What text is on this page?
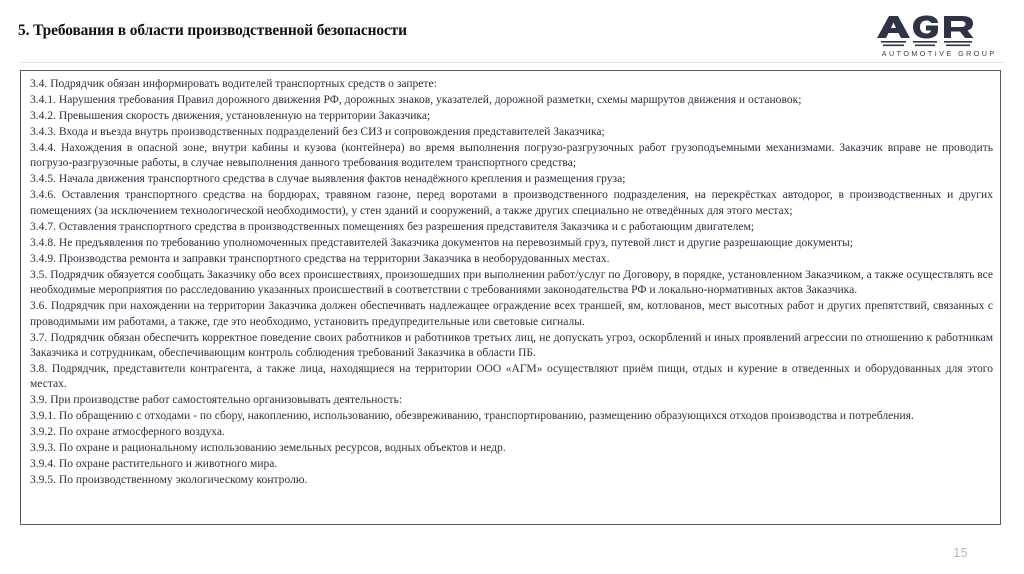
5. Требования в области производственной безопасности
AUTOMOTIVE GROUP

3.4. Подрядчик обязан информировать водителей транспортных средств о запрете:

3.4.1. Нарушения требования Правил дорожного движения РФ, дорожных знаков, указателей, дорожной разметки, схемы маршрутов движения и остановок;

3.4.2. Превышения скорость движения, установленную на территории Заказчика;

3.4.3. Входа и въезда внутрь производственных подразделений без СИЗ и сопровождения представителей Заказчика;

3.4.4. Нахождения в опасной зоне, внутри кабины и кузова (контейнера) во время выполнения погрузо-разгрузочных работ грузоподъемными механизмами. Заказчик вправе не проводить погрузо-разгрузочные работы, в случае невыполнения данного требования водителем транспортного средства;

3.4.5. Начала движения транспортного средства в случае выявления фактов ненадёжного крепления и размещения груза;

3.4.6. Оставления транспортного средства на бордюрах, травяном газоне, перед воротами в производственного подразделения, на перекрёстках автодорог, в производственных и других помещениях (за исключением технологической необходимости), у стен зданий и сооружений, а также других специально не отведённых для этого местах;

3.4.7. Оставления транспортного средства в производственных помещениях без разрешения представителя Заказчика и с работающим двигателем;

3.4.8. Не предъявления по требованию уполномоченных представителей Заказчика документов на перевозимый груз, путевой лист и другие разрешающие документы;

3.4.9. Производства ремонта и заправки транспортного средства на территории Заказчика в необорудованных местах.

3.5. Подрядчик обязуется сообщать Заказчику обо всех происшествиях, произошедших при выполнении работ/услуг по Договору, в порядке, установленном Заказчиком, а также осуществлять все необходимые мероприятия по расследованию указанных происшествий в соответствии с требованиями законодательства РФ и локально-нормативных актов Заказчика.

3.6. Подрядчик при нахождении на территории Заказчика должен обеспечивать надлежащее ограждение всех траншей, ям, котлованов, мест высотных работ и других препятствий, связанных с проводимыми им работами, а также, где это необходимо, установить предупредительные или световые сигналы.

3.7. Подрядчик обязан обеспечить корректное поведение своих работников и работников третьих лиц, не допускать угроз, оскорблений и иных проявлений агрессии по отношению к работникам Заказчика и сотрудникам, обеспечивающим контроль соблюдения требований Заказчика в области ПБ.

3.8. Подрядчик, представители контрагента, а также лица, находящиеся на территории ООО «АГМ» осуществляют приём пищи, отдых и курение в отведенных и оборудованных для этого местах.

3.9. При производстве работ самостоятельно организовывать деятельность:

3.9.1. По обращению с отходами - по сбору, накоплению, использованию, обезвреживанию, транспортированию, размещению образующихся отходов производства и потребления.

3.9.2. По охране атмосферного воздуха.

3.9.3. По охране и рациональному использованию земельных ресурсов, водных объектов и недр.

3.9.4. По охране растительного и животного мира.

3.9.5. По производственному экологическому контролю.

15
